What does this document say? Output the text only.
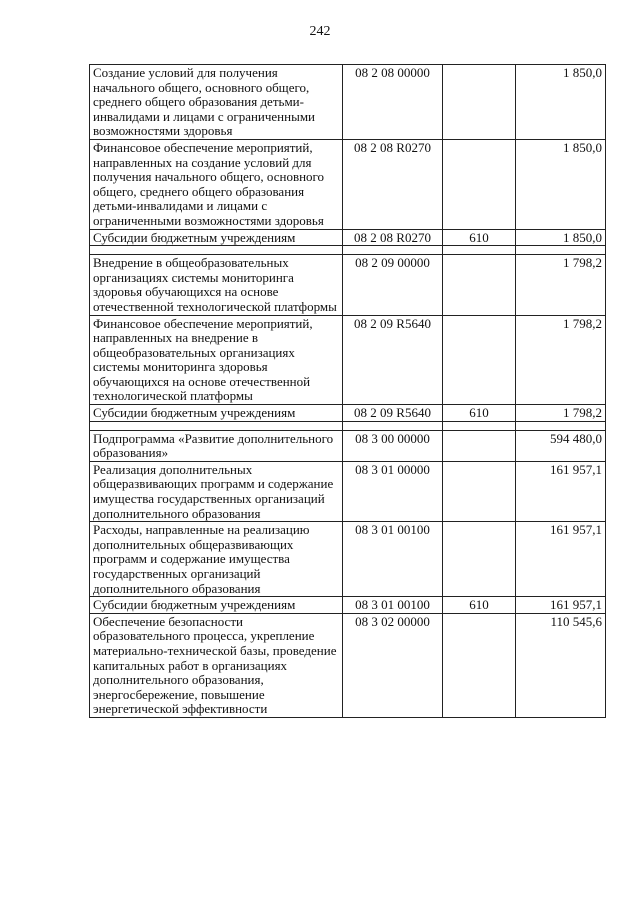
242
Создание условий для получения начального общего, основного общего, среднего общего образования детьми-инвалидами и лицами с ограниченными возможностями здоровья	08 2 08 00000		1 850,0
Финансовое обеспечение мероприятий, направленных на создание условий для получения начального общего, основного общего, среднего общего образования детьми-инвалидами и лицами с ограниченными возможностями здоровья	08 2 08 R0270		1 850,0
Субсидии бюджетным учреждениям	08 2 08 R0270	610	1 850,0

Внедрение в общеобразовательных организациях системы мониторинга здоровья обучающихся на основе отечественной технологической платформы	08 2 09 00000		1 798,2
Финансовое обеспечение мероприятий, направленных на внедрение в общеобразовательных организациях системы мониторинга здоровья обучающихся на основе отечественной технологической платформы	08 2 09 R5640		1 798,2
Субсидии бюджетным учреждениям	08 2 09 R5640	610	1 798,2

Подпрограмма «Развитие дополнительного образования»	08 3 00 00000		594 480,0
Реализация дополнительных общеразвивающих программ и содержание имущества государственных организаций дополнительного образования	08 3 01 00000		161 957,1
Расходы, направленные на реализацию дополнительных общеразвивающих программ и содержание имущества государственных организаций дополнительного образования	08 3 01 00100		161 957,1
Субсидии бюджетным учреждениям	08 3 01 00100	610	161 957,1
Обеспечение безопасности образовательного процесса, укрепление материально-технической базы, проведение капитальных работ в организациях дополнительного образования, энергосбережение, повышение энергетической эффективности	08 3 02 00000		110 545,6
